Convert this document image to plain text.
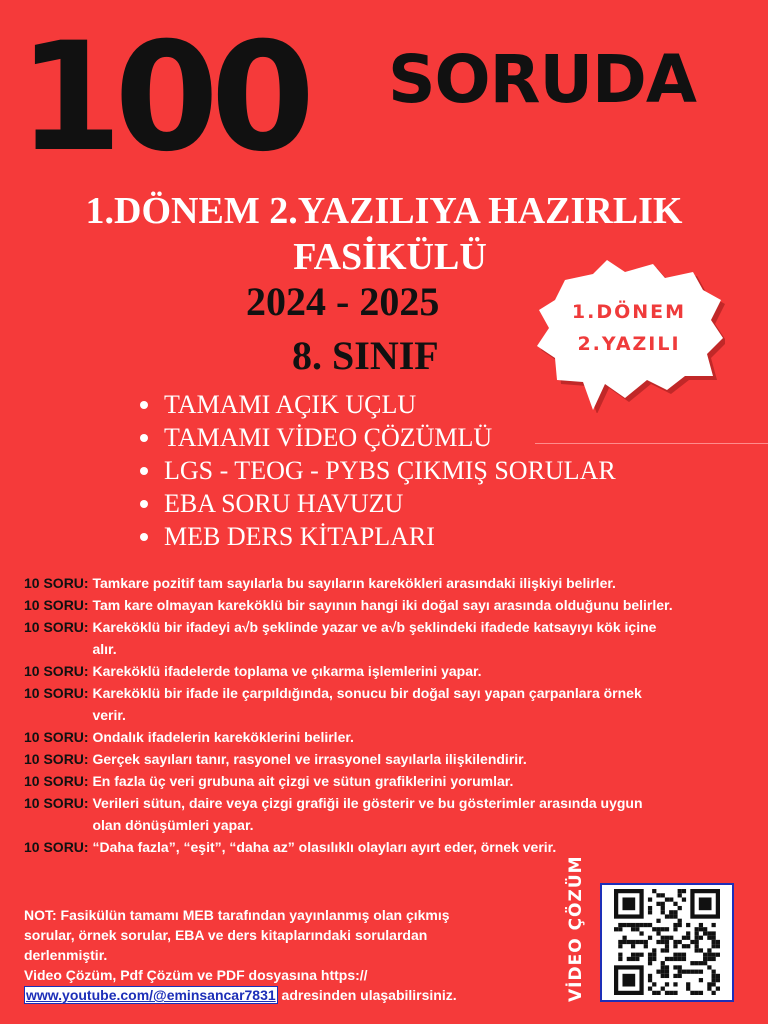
100 SORUDA
1.DÖNEM 2.YAZILIYA HAZIRLIK
FASİKÜLÜ
2024 - 2025
8. SINIF
1.DÖNEM
2.YAZILI
TAMAMI AÇIK UÇLU
TAMAMI VİDEO ÇÖZÜMLÜ
LGS - TEOG - PYBS ÇIKMIŞ SORULAR
EBA SORU HAVUZU
MEB DERS KİTAPLARI
10 SORU:
Tamkare pozitif tam sayılarla bu sayıların karekökleri arasındaki ilişkiyi belirler.
10 SORU:
Tam kare olmayan kareköklü bir sayının hangi iki doğal sayı arasında olduğunu belirler.
10 SORU:
Kareköklü bir ifadeyi a√b şeklinde yazar ve a√b şeklindeki ifadede katsayıyı kök içine
alır.
10 SORU:
Kareköklü ifadelerde toplama ve çıkarma işlemlerini yapar.
10 SORU:
Kareköklü bir ifade ile çarpıldığında, sonucu bir doğal sayı yapan çarpanlara örnek
verir.
10 SORU:
Ondalık ifadelerin kareköklerini belirler.
10 SORU:
Gerçek sayıları tanır, rasyonel ve irrasyonel sayılarla ilişkilendirir.
10 SORU:
En fazla üç veri grubuna ait çizgi ve sütun grafiklerini yorumlar.
10 SORU:
Verileri sütun, daire veya çizgi grafiği ile gösterir ve bu gösterimler arasında uygun
olan dönüşümleri yapar.
10 SORU:
“Daha fazla”, “eşit”, “daha az” olasılıklı olayları ayırt eder, örnek verir.
NOT: Fasikülün tamamı MEB tarafından yayınlanmış olan çıkmış
sorular, örnek sorular, EBA ve ders kitaplarındaki sorulardan
derlenmiştir.
Video Çözüm, Pdf Çözüm ve PDF dosyasına https://
www.youtube.com/@eminsancar7831 adresinden ulaşabilirsiniz.	VİDEO ÇÖZÜM
